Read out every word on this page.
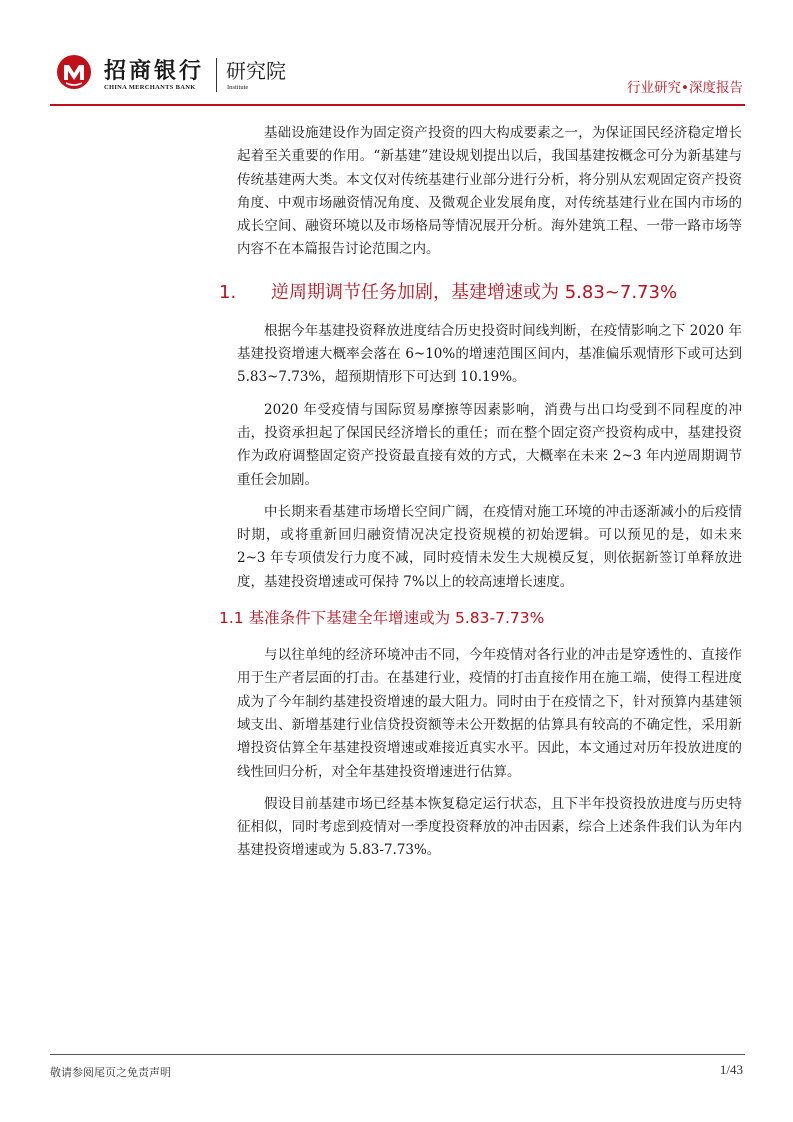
招商银行
CHINA MERCHANTS BANK
研究院
Institute	行业研究•深度报告

基础设施建设作为固定资产投资的四大构成要素之一，为保证国民经济稳定增长起着至关重要的作用。“新基建”建设规划提出以后，我国基建按概念可分为新基建与传统基建两大类。本文仅对传统基建行业部分进行分析，将分别从宏观固定资产投资角度、中观市场融资情况角度、及微观企业发展角度，对传统基建行业在国内市场的成长空间、融资环境以及市场格局等情况展开分析。海外建筑工程、一带一路市场等内容不在本篇报告讨论范围之内。

1. 逆周期调节任务加剧，基建增速或为 5.83~7.73%

根据今年基建投资释放进度结合历史投资时间线判断，在疫情影响之下 2020 年基建投资增速大概率会落在 6~10%的增速范围区间内，基准偏乐观情形下或可达到 5.83~7.73%，超预期情形下可达到 10.19%。

2020 年受疫情与国际贸易摩擦等因素影响，消费与出口均受到不同程度的冲击，投资承担起了保国民经济增长的重任；而在整个固定资产投资构成中，基建投资作为政府调整固定资产投资最直接有效的方式，大概率在未来 2~3 年内逆周期调节重任会加剧。

中长期来看基建市场增长空间广阔，在疫情对施工环境的冲击逐渐减小的后疫情时期，或将重新回归融资情况决定投资规模的初始逻辑。可以预见的是，如未来 2~3 年专项债发行力度不减，同时疫情未发生大规模反复，则依据新签订单释放进度，基建投资增速或可保持 7%以上的较高速增长速度。

1.1 基准条件下基建全年增速或为 5.83-7.73%

与以往单纯的经济环境冲击不同，今年疫情对各行业的冲击是穿透性的、直接作用于生产者层面的打击。在基建行业，疫情的打击直接作用在施工端，使得工程进度成为了今年制约基建投资增速的最大阻力。同时由于在疫情之下，针对预算内基建领域支出、新增基建行业信贷投资额等未公开数据的估算具有较高的不确定性，采用新增投资估算全年基建投资增速或难接近真实水平。因此，本文通过对历年投放进度的线性回归分析，对全年基建投资增速进行估算。

假设目前基建市场已经基本恢复稳定运行状态，且下半年投资投放进度与历史特征相似，同时考虑到疫情对一季度投资释放的冲击因素，综合上述条件我们认为年内基建投资增速或为 5.83-7.73%。

敬请参阅尾页之免责声明	1/43
